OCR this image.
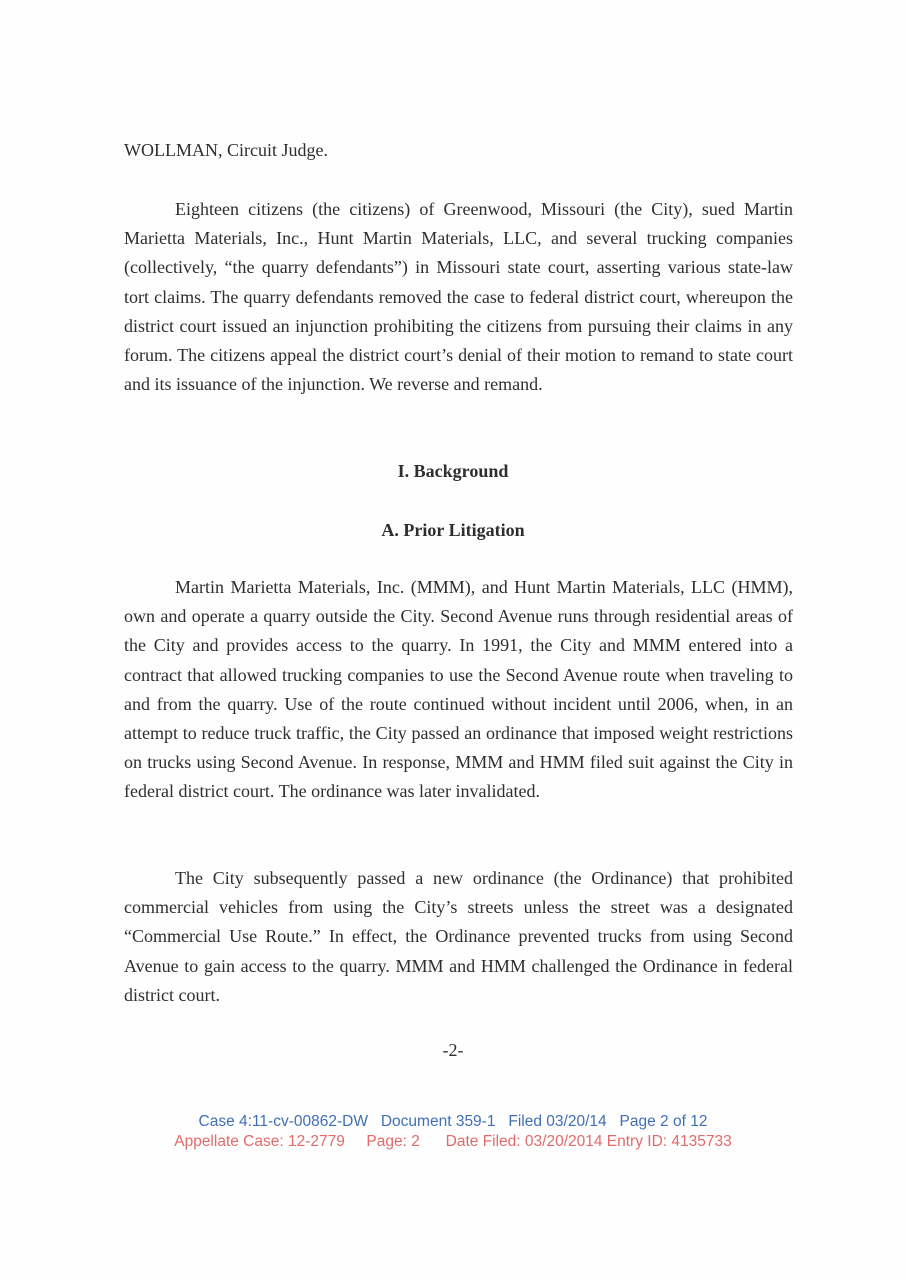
WOLLMAN, Circuit Judge.

Eighteen citizens (the citizens) of Greenwood, Missouri (the City), sued Martin Marietta Materials, Inc., Hunt Martin Materials, LLC, and several trucking companies (collectively, “the quarry defendants”) in Missouri state court, asserting various state-law tort claims. The quarry defendants removed the case to federal district court, whereupon the district court issued an injunction prohibiting the citizens from pursuing their claims in any forum. The citizens appeal the district court’s denial of their motion to remand to state court and its issuance of the injunction. We reverse and remand.

I. Background
A. Prior Litigation

Martin Marietta Materials, Inc. (MMM), and Hunt Martin Materials, LLC (HMM), own and operate a quarry outside the City. Second Avenue runs through residential areas of the City and provides access to the quarry. In 1991, the City and MMM entered into a contract that allowed trucking companies to use the Second Avenue route when traveling to and from the quarry. Use of the route continued without incident until 2006, when, in an attempt to reduce truck traffic, the City passed an ordinance that imposed weight restrictions on trucks using Second Avenue. In response, MMM and HMM filed suit against the City in federal district court. The ordinance was later invalidated.

The City subsequently passed a new ordinance (the Ordinance) that prohibited commercial vehicles from using the City’s streets unless the street was a designated “Commercial Use Route.” In effect, the Ordinance prevented trucks from using Second Avenue to gain access to the quarry. MMM and HMM challenged the Ordinance in federal district court.

-2-
Case 4:11-cv-00862-DW   Document 359-1   Filed 03/20/14   Page 2 of 12
Appellate Case: 12-2779     Page: 2      Date Filed: 03/20/2014 Entry ID: 4135733
